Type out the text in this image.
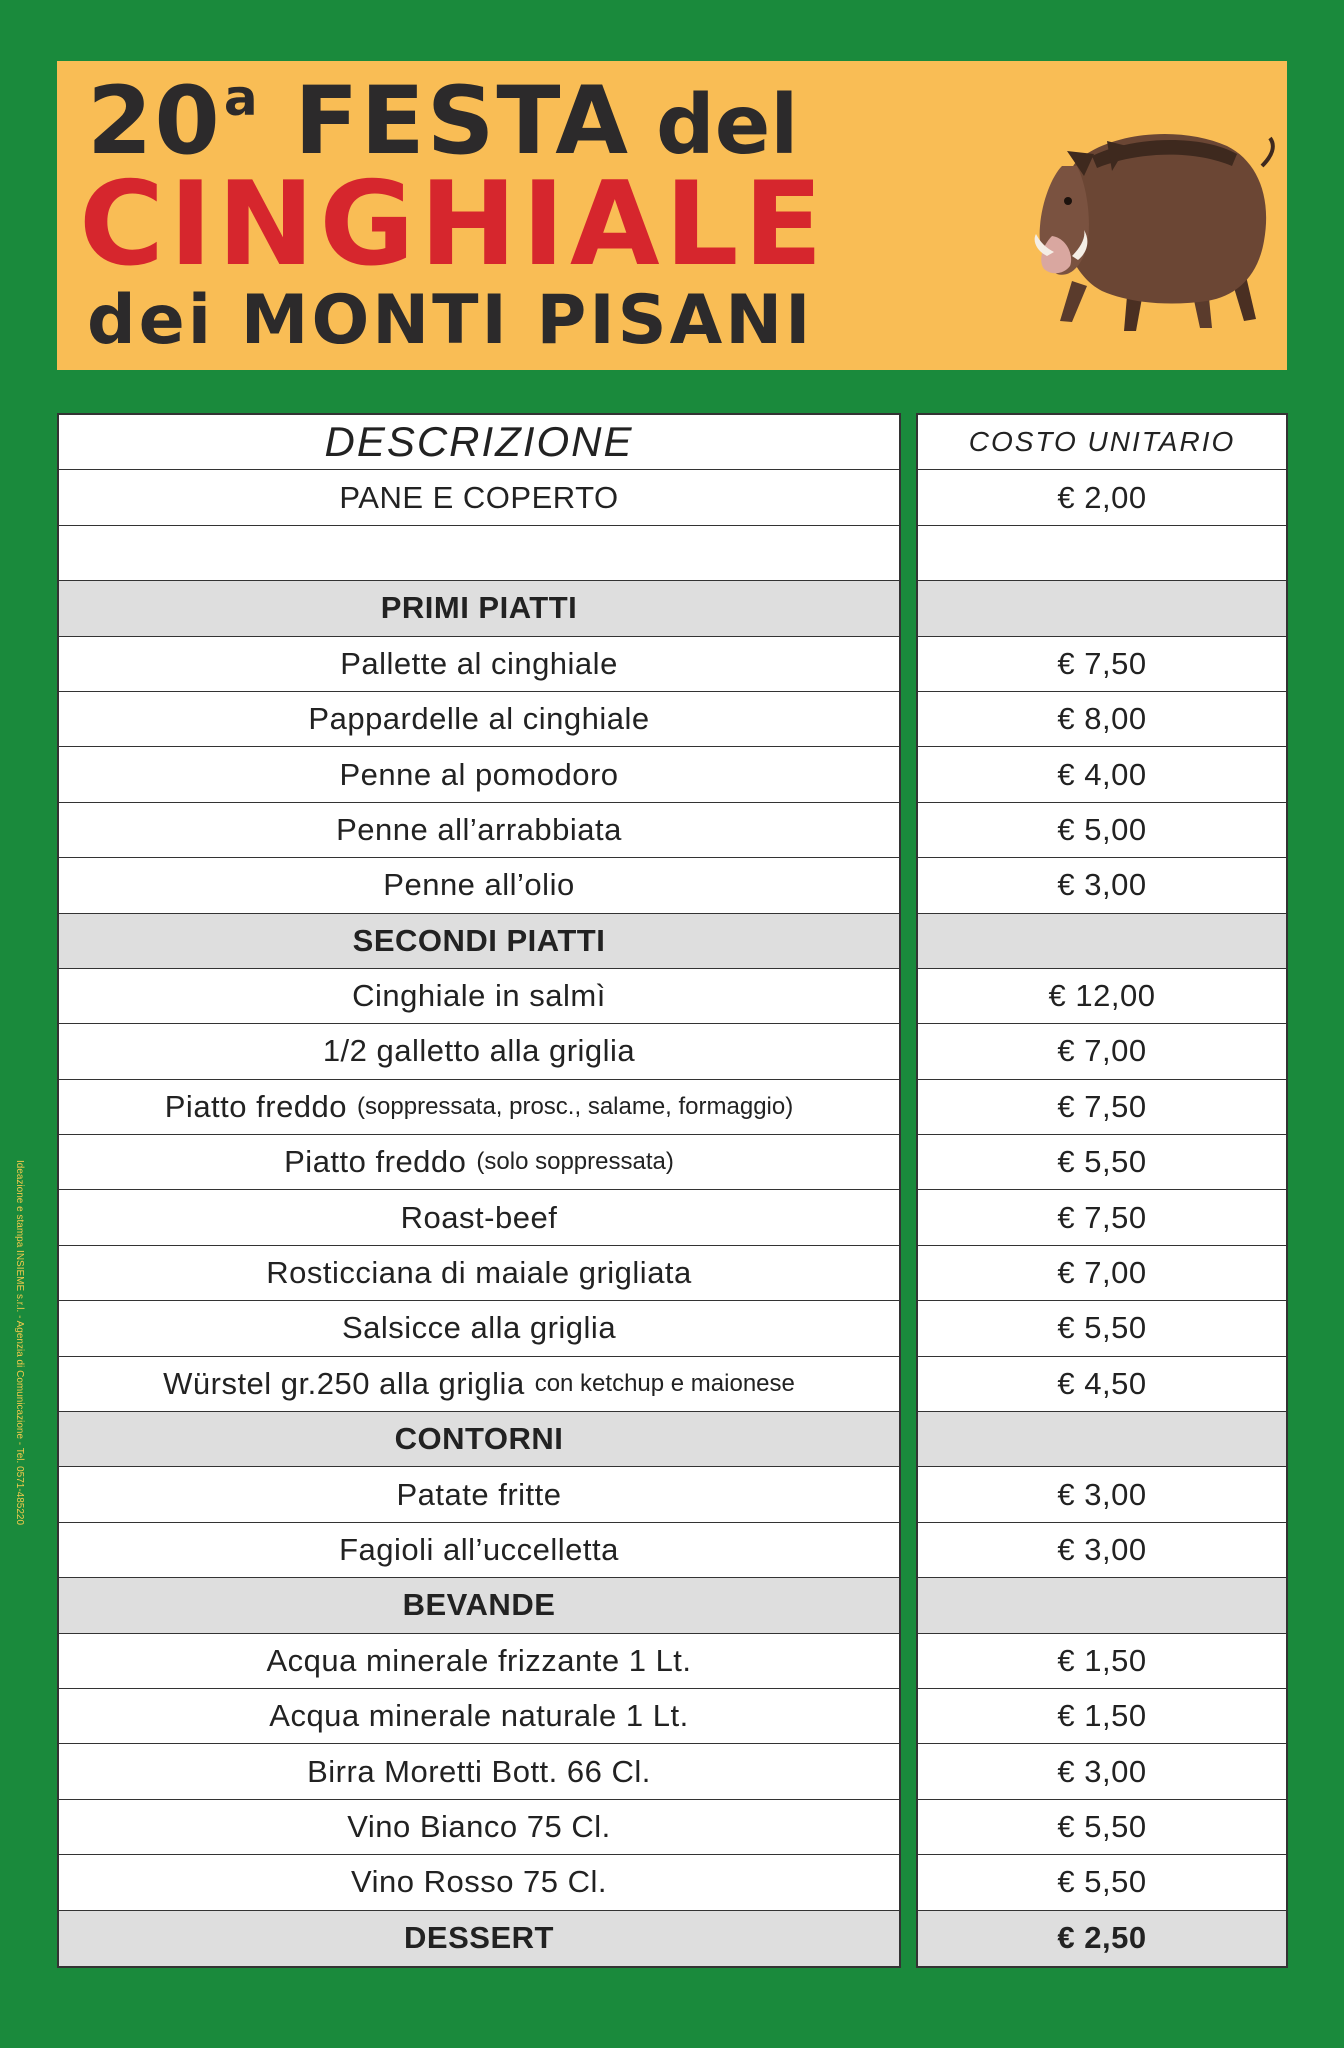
20$^a$ FESTA del
CINGHIALE
dei MONTI PISANI
DESCRIZIONE
PANE E COPERTO
PRIMI PIATTI
Pallette al cinghiale
Pappardelle al cinghiale
Penne al pomodoro
Penne all’arrabbiata
Penne all’olio
SECONDI PIATTI
Cinghiale in salmì
1/2 galletto alla griglia
Piatto freddo (soppressata, prosc., salame, formaggio)
Piatto freddo (solo soppressata)
Roast-beef
Rosticciana di maiale grigliata
Salsicce alla griglia
Würstel gr.250 alla griglia con ketchup e maionese
CONTORNI
Patate fritte
Fagioli all’uccelletta
BEVANDE
Acqua minerale frizzante 1 Lt.
Acqua minerale naturale 1 Lt.
Birra Moretti Bott. 66 Cl.
Vino Bianco 75 Cl.
Vino Rosso 75 Cl.
DESSERT
COSTO UNITARIO
€ 2,00
€ 7,50
€ 8,00
€ 4,00
€ 5,00
€ 3,00
€ 12,00
€ 7,00
€ 7,50
€ 5,50
€ 7,50
€ 7,00
€ 5,50
€ 4,50
€ 3,00
€ 3,00
€ 1,50
€ 1,50
€ 3,00
€ 5,50
€ 5,50
€ 2,50
Ideazione e stampa INSIEME s.r.l. - Agenzia di Comunicazione - Tel. 0571-485220
